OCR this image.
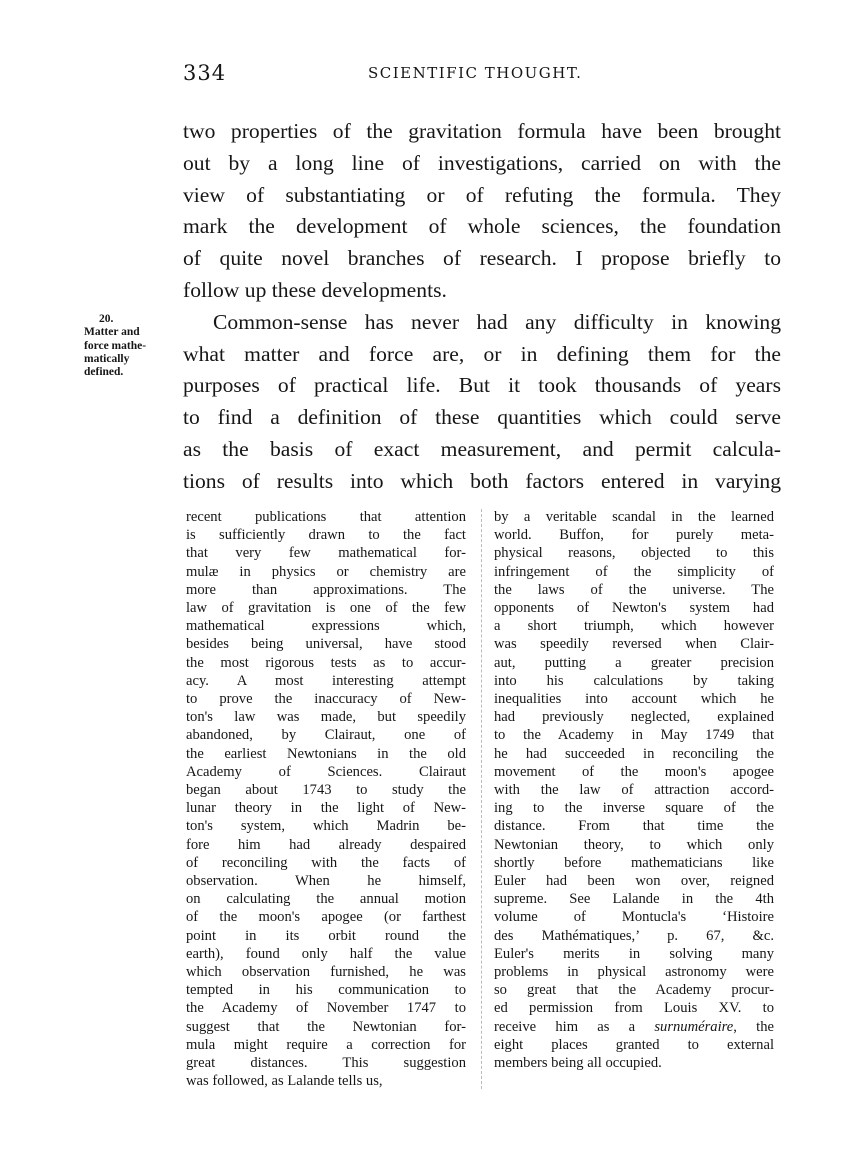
334	SCIENTIFIC THOUGHT.
20.
Matter and
force mathe-
matically
defined.
two properties of the gravitation formula have been brought
out by a long line of investigations, carried on with the
view of substantiating or of refuting the formula. They
mark the development of whole sciences, the foundation
of quite novel branches of research. I propose briefly to
follow up these developments.
Common-sense has never had any difficulty in knowing
what matter and force are, or in defining them for the
purposes of practical life. But it took thousands of years
to find a definition of these quantities which could serve
as the basis of exact measurement, and permit calcula-
tions of results into which both factors entered in varying
recent publications that attention
is sufficiently drawn to the fact
that very few mathematical for-
mulæ in physics or chemistry are
more than approximations. The
law of gravitation is one of the few
mathematical expressions which,
besides being universal, have stood
the most rigorous tests as to accur-
acy. A most interesting attempt
to prove the inaccuracy of New-
ton's law was made, but speedily
abandoned, by Clairaut, one of
the earliest Newtonians in the old
Academy of Sciences. Clairaut
began about 1743 to study the
lunar theory in the light of New-
ton's system, which Madrin be-
fore him had already despaired
of reconciling with the facts of
observation. When he himself,
on calculating the annual motion
of the moon's apogee (or farthest
point in its orbit round the
earth), found only half the value
which observation furnished, he was
tempted in his communication to
the Academy of November 1747 to
suggest that the Newtonian for-
mula might require a correction for
great distances. This suggestion
was followed, as Lalande tells us,
by a veritable scandal in the learned
world. Buffon, for purely meta-
physical reasons, objected to this
infringement of the simplicity of
the laws of the universe. The
opponents of Newton's system had
a short triumph, which however
was speedily reversed when Clair-
aut, putting a greater precision
into his calculations by taking
inequalities into account which he
had previously neglected, explained
to the Academy in May 1749 that
he had succeeded in reconciling the
movement of the moon's apogee
with the law of attraction accord-
ing to the inverse square of the
distance. From that time the
Newtonian theory, to which only
shortly before mathematicians like
Euler had been won over, reigned
supreme. See Lalande in the 4th
volume of Montucla's ‘Histoire
des Mathématiques,’ p. 67, &c.
Euler's merits in solving many
problems in physical astronomy were
so great that the Academy procur-
ed permission from Louis XV. to
receive him as a surnuméraire, the
eight places granted to external
members being all occupied.
